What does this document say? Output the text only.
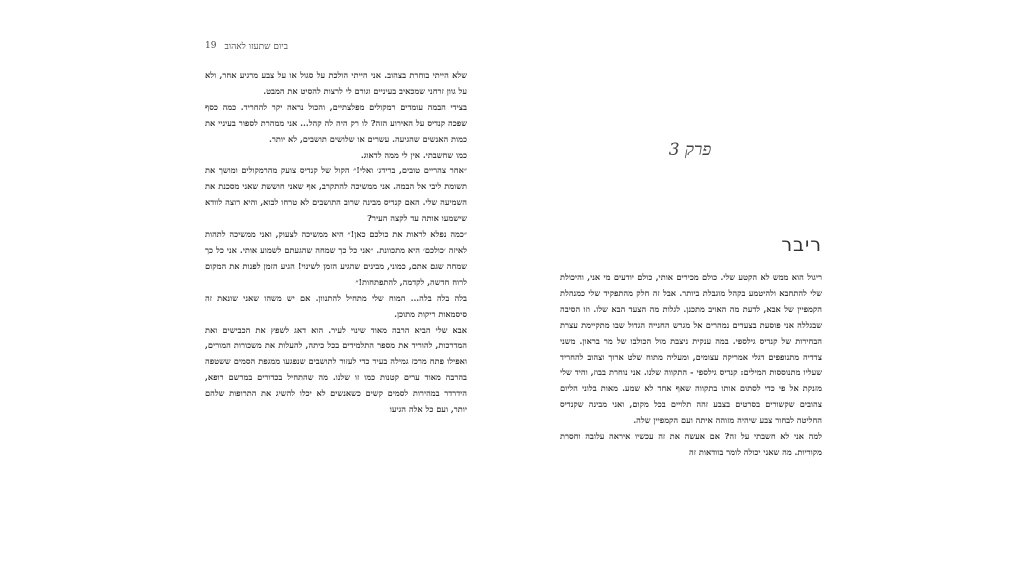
19 ביום שתעזו לאהוב

שלא הייתי בוחרת בצהוב. אני הייתי הולכת על סגול או על צבע מרגיע אחר, ולא על גוון זרחני שמכאיב בעיניים וגורם לי לרצות להסיט את המבט.

בצידי הבמה עומדים רמקולים מפלצתיים, והכול נראה יקר להחריד. כמה כסף שפכה קנדיס על האירוע הזה? לו רק היה לה קהל... אני ממהרת לספור בעיניי את כמות האנשים שהגיעה. עשרים או שלושים תושבים, לא יותר.

כמו שחשבתי. אין לי ממה לדאוג.

״אחר צהריים טובים, ברידג׳ ואלי!״ הקול של קנדיס צועק מהרמקולים ומושך את תשומת ליבי אל הבמה. אני ממשיכה להתקרב, אף שאני חוששת שאני מסכנת את השמיעה שלי. האם קנדיס מבינה שרוב התושבים לא טרחו לבוא, והיא רוצה לוודא שישמעו אותה עד לקצה העיר?

״כמה נפלא לראות את כולכם כאן!״ היא ממשיכה לצעוק, ואני ממשיכה לתהות לאיזה ׳כולכם׳ היא מתכוונת. ״אני כל כך שמחה שהגעתם לשמוע אותי. אני כל כך שמחה שגם אתם, כמוני, מבינים שהגיע הזמן לשינוי! הגיע הזמן לפנות את המקום לרוח חדשה, לקדמה, להתפתחות!״

בלה בלה בלה... המוח שלי מתחיל להתנוון. אם יש משהו שאני שונאת זה סיסמאות ריקות מתוכן.

אבא שלי הביא הרבה מאוד שינוי לעיר. הוא דאג לשפץ את הכבישים ואת המדרכות, להוריד את מספר התלמידים בכל כיתה, להעלות את משכורות המורים, ואפילו פתח מרכז גמילה בעיר כדי לעזור לתושבים שנפגעו ממגפת הסמים ששטפה בהרבה מאוד ערים קטנות כמו זו שלנו. מה שהתחיל בכדורים במרשם רופא, הידרדר במהירות לסמים קשים כשאנשים לא יכלו להשיג את התרופות שלהם יותר, ועם כל אלה הגיעו

פרק 3
ריבר

ריגול הוא ממש לא הקטע שלי. כולם מכירים אותי, כולם יודעים מי אני, והיכולת שלי להתחבא ולהיטמע בקהל מוגבלת ביותר. אבל זה חלק מהתפקיד שלי כמנהלת הקמפיין של אבא, לדעת מה האויב מתכנן. לגלות מה הצעד הבא שלו. וזו הסיבה שבגללה אני פוסעת בצעדים נמהרים אל מגרש החנייה הגדול שבו מתקיימת עצרת הבחירות של קנדיס גילספי. במה ענקית ניצבת מול הכולבו של מר בראון. משני צדדיה מתנופפים דגלי אמריקה עצומים, ומעליה מתוח שלט ארוך וצהוב להחריד שעליו מתנוססות המילים: קנדיס גילספי - התקווה שלנו. אני נוחרת בבוז, והיד שלי מזנקת אל פי כדי לסתום אותו בתקווה שאף אחד לא שמע. מאות בלוני הליום צהובים שקשורים בסרטים בצבע זהה תלויים בכל מקום, ואני מבינה שקנדיס החליטה לבחור צבע שיהיה מזוהה איתה ועם הקמפיין שלה.

למה אני לא חשבתי על זה? אם אעשה את זה עכשיו איראה עלובה וחסרת מקוריות. מה שאני יכולה לומר בוודאות זה
